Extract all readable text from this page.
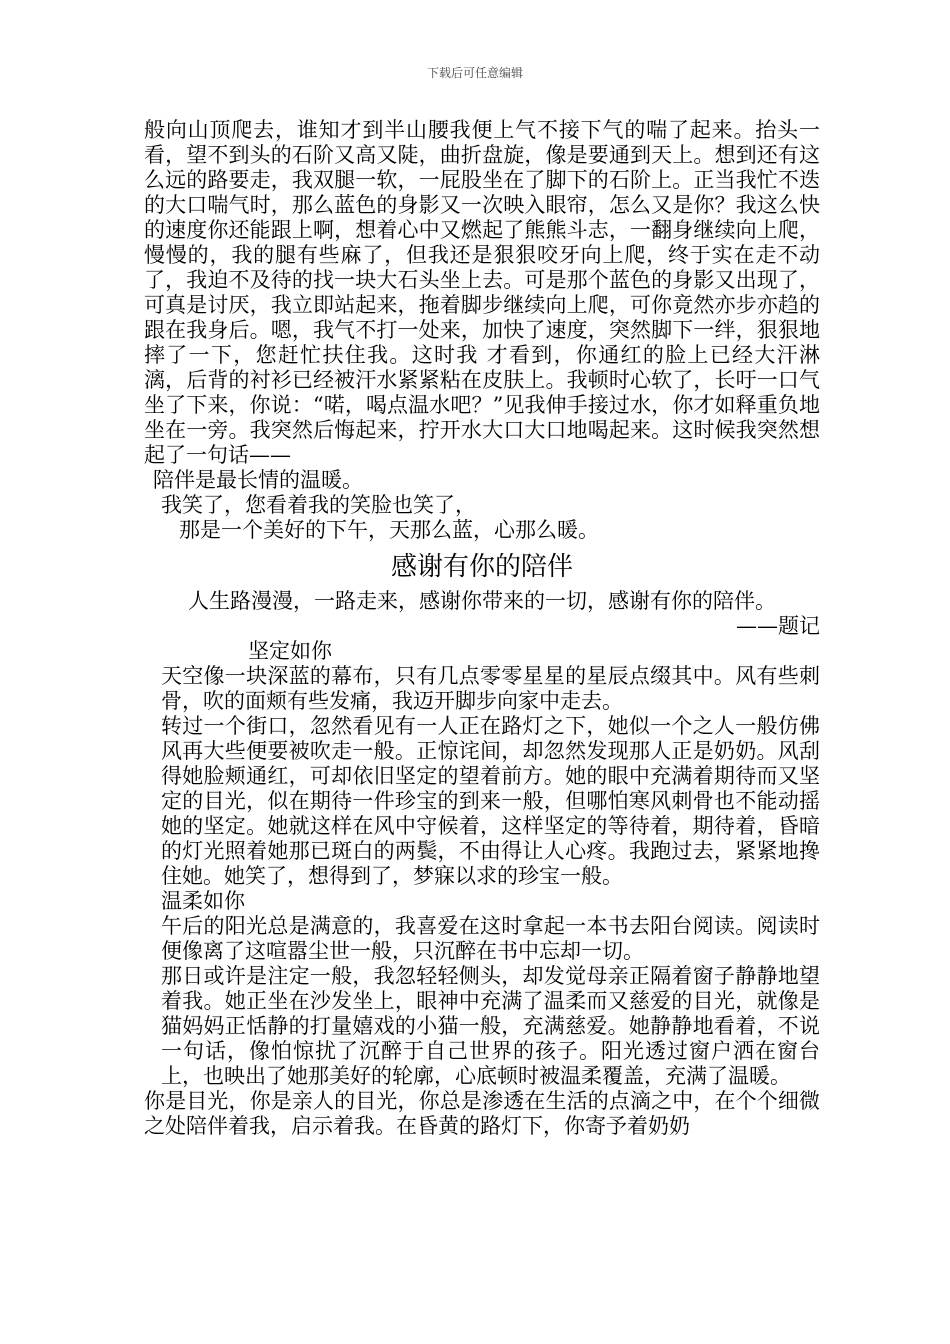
下载后可任意编辑

般向山顶爬去，谁知才到半山腰我便上气不接下气的喘了起来。抬头一看，望不到头的石阶又高又陡，曲折盘旋，像是要通到天上。想到还有这么远的路要走，我双腿一软，一屁股坐在了脚下的石阶上。正当我忙不迭的大口喘气时，那么蓝色的身影又一次映入眼帘，怎么又是你？我这么快的速度你还能跟上啊，想着心中又燃起了熊熊斗志，一翻身继续向上爬，慢慢的，我的腿有些麻了，但我还是狠狠咬牙向上爬，终于实在走不动了，我迫不及待的找一块大石头坐上去。可是那个蓝色的身影又出现了，可真是讨厌，我立即站起来，拖着脚步继续向上爬，可你竟然亦步亦趋的跟在我身后。嗯，我气不打一处来，加快了速度，突然脚下一绊，狠狠地摔了一下，您赶忙扶住我。这时我 才看到，你通红的脸上已经大汗淋漓，后背的衬衫已经被汗水紧紧粘在皮肤上。我顿时心软了，长吁一口气坐了下来，你说：“喏，喝点温水吧？”见我伸手接过水，你才如释重负地坐在一旁。我突然后悔起来，拧开水大口大口地喝起来。这时候我突然想起了一句话——

陪伴是最长情的温暖。

我笑了，您看着我的笑脸也笑了，

那是一个美好的下午，天那么蓝，心那么暖。

感谢有你的陪伴

人生路漫漫，一路走来，感谢你带来的一切，感谢有你的陪伴。

——题记

坚定如你

天空像一块深蓝的幕布，只有几点零零星星的星辰点缀其中。风有些刺骨，吹的面颊有些发痛，我迈开脚步向家中走去。

转过一个街口，忽然看见有一人正在路灯之下，她似一个之人一般仿佛风再大些便要被吹走一般。正惊诧间，却忽然发现那人正是奶奶。风刮得她脸颊通红，可却依旧坚定的望着前方。她的眼中充满着期待而又坚定的目光，似在期待一件珍宝的到来一般，但哪怕寒风刺骨也不能动摇她的坚定。她就这样在风中守候着，这样坚定的等待着，期待着，昏暗的灯光照着她那已斑白的两鬓，不由得让人心疼。我跑过去，紧紧地搀住她。她笑了，想得到了，梦寐以求的珍宝一般。

温柔如你

午后的阳光总是满意的，我喜爱在这时拿起一本书去阳台阅读。阅读时便像离了这喧嚣尘世一般，只沉醉在书中忘却一切。

那日或许是注定一般，我忽轻轻侧头，却发觉母亲正隔着窗子静静地望着我。她正坐在沙发坐上，眼神中充满了温柔而又慈爱的目光，就像是猫妈妈正恬静的打量嬉戏的小猫一般，充满慈爱。她静静地看着，不说一句话，像怕惊扰了沉醉于自己世界的孩子。阳光透过窗户洒在窗台上，也映出了她那美好的轮廓，心底顿时被温柔覆盖，充满了温暖。

你是目光，你是亲人的目光，你总是渗透在生活的点滴之中，在个个细微之处陪伴着我，启示着我。在昏黄的路灯下，你寄予着奶奶
